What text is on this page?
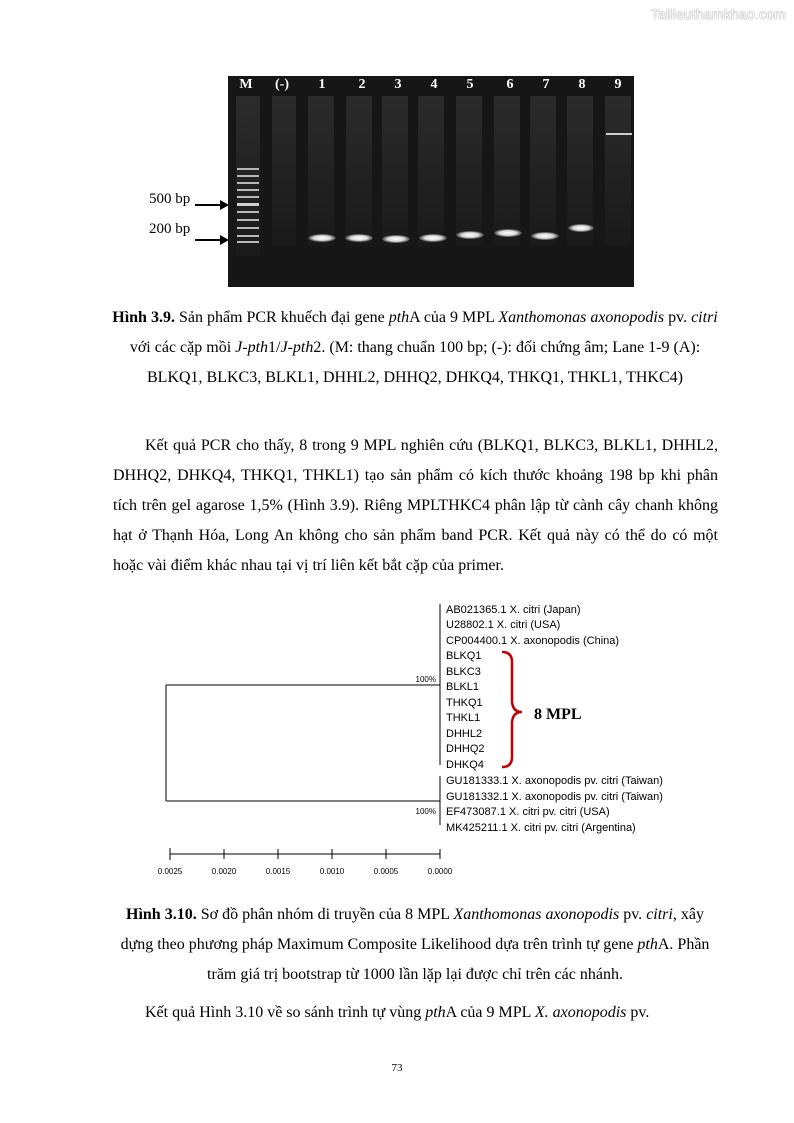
Tailieuthamkhao.com
M (-) 1 2 3 4 5 6 7 8 9
500 bp
200 bp
Hình 3.9. Sản phẩm PCR khuếch đại gene pthA của 9 MPL Xanthomonas axonopodis pv. citri với các cặp mồi J-pth1/J-pth2. (M: thang chuẩn 100 bp; (-): đối chứng âm; Lane 1-9 (A): BLKQ1, BLKC3, BLKL1, DHHL2, DHHQ2, DHKQ4, THKQ1, THKL1, THKC4)
Kết quả PCR cho thấy, 8 trong 9 MPL nghiên cứu (BLKQ1, BLKC3, BLKL1, DHHL2, DHHQ2, DHKQ4, THKQ1, THKL1) tạo sản phẩm có kích thước khoảng 198 bp khi phân tích trên gel agarose 1,5% (Hình 3.9). Riêng MPLTHKC4 phân lập từ cành cây chanh không hạt ở Thạnh Hóa, Long An không cho sản phẩm band PCR. Kết quả này có thể do có một hoặc vài điểm khác nhau tại vị trí liên kết bắt cặp của primer.
AB021365.1 X. citri (Japan)
U28802.1 X. citri (USA)
CP004400.1 X. axonopodis (China)
BLKQ1
BLKC3
BLKL1
THKQ1
THKL1
DHHL2
DHHQ2
DHKQ4
GU181333.1 X. axonopodis pv. citri (Taiwan)
GU181332.1 X. axonopodis pv. citri (Taiwan)
EF473087.1 X. citri pv. citri (USA)
MK425211.1 X. citri pv. citri (Argentina)
100%
100%
8 MPL
0.0025	0.0020	0.0015	0.0010	0.0005	0.0000
Hình 3.10. Sơ đồ phân nhóm di truyền của 8 MPL Xanthomonas axonopodis pv. citri, xây dựng theo phương pháp Maximum Composite Likelihood dựa trên trình tự gene pthA. Phần trăm giá trị bootstrap từ 1000 lần lặp lại được chỉ trên các nhánh.
Kết quả Hình 3.10 về so sánh trình tự vùng pthA của 9 MPL X. axonopodis pv.
73
